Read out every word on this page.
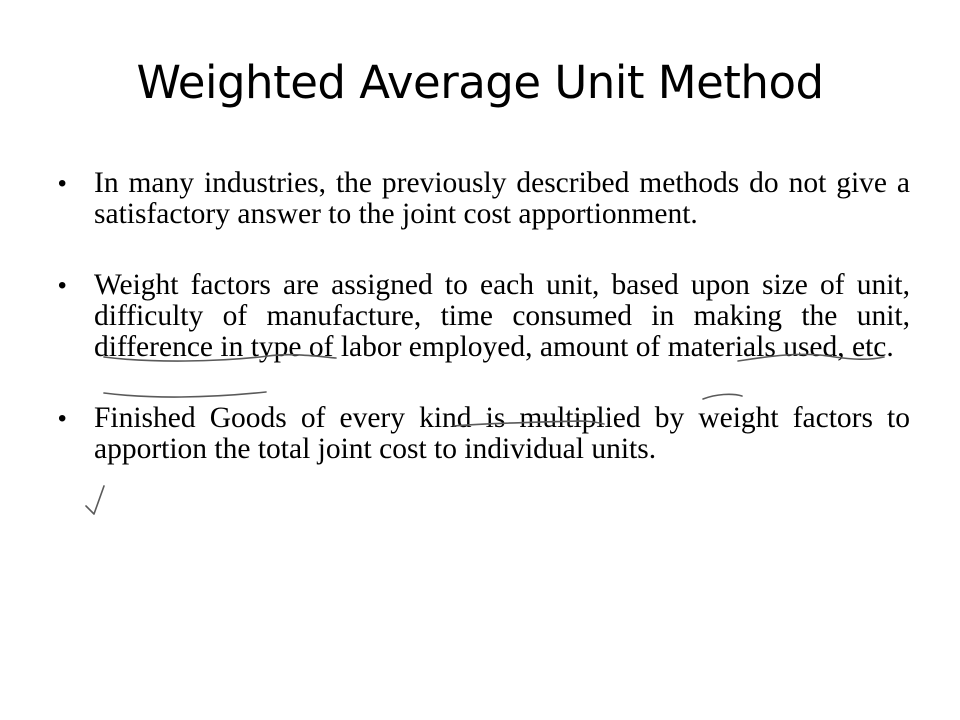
Weighted Average Unit Method
• In many industries, the previously described methods do not give a satisfactory answer to the joint cost apportionment.
• Weight factors are assigned to each unit, based upon size of unit, difficulty of manufacture, time consumed in making the unit, difference in type of labor employed, amount of materials used, etc.
• Finished Goods of every kind is multiplied by weight factors to apportion the total joint cost to individual units.
